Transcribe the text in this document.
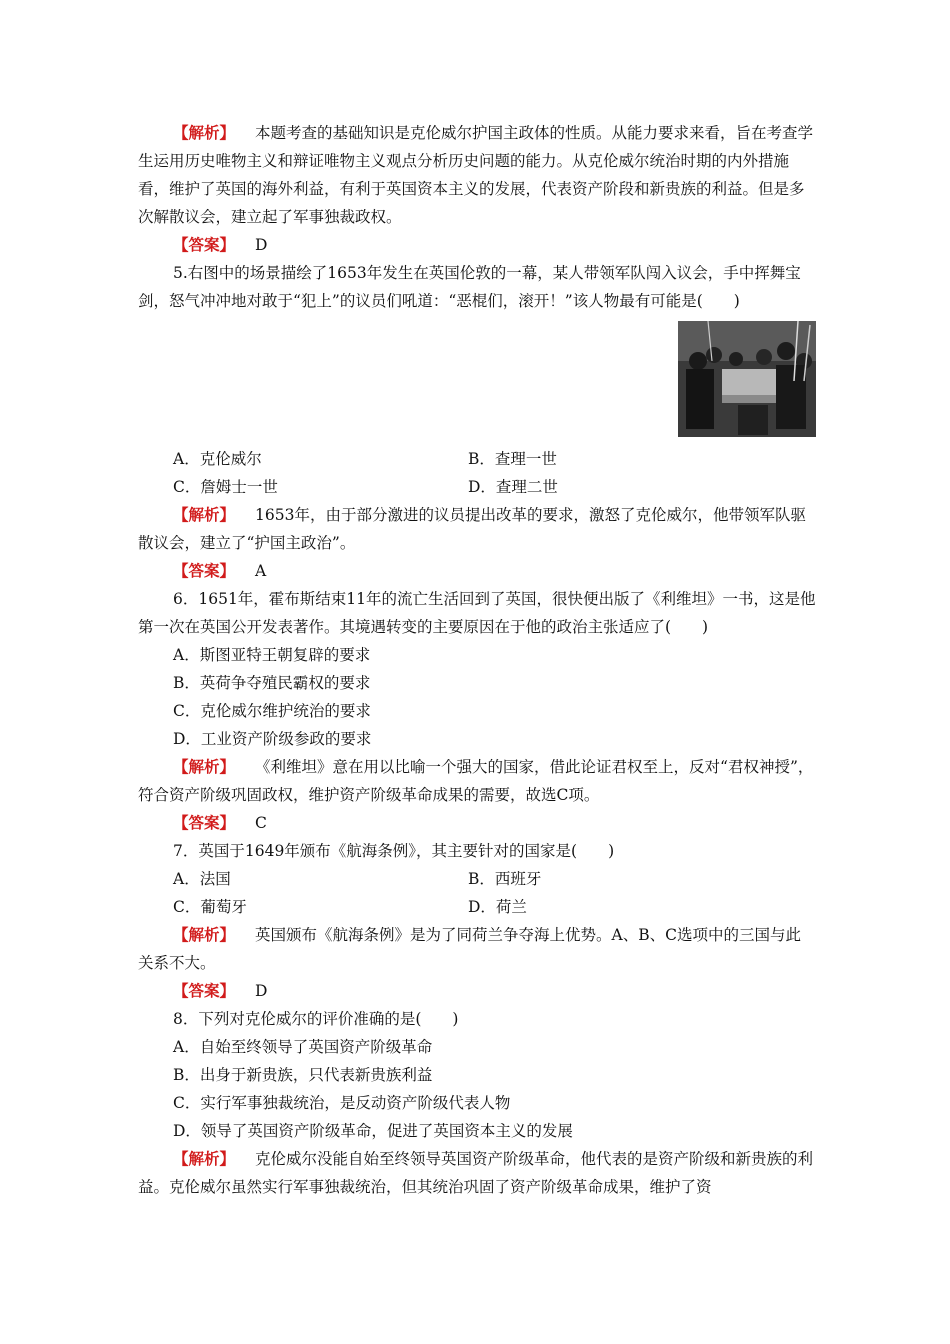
【解析】 本题考查的基础知识是克伦威尔护国主政体的性质。从能力要求来看，旨在考查学生运用历史唯物主义和辩证唯物主义观点分析历史问题的能力。从克伦威尔统治时期的内外措施看，维护了英国的海外利益，有利于英国资本主义的发展，代表资产阶段和新贵族的利益。但是多次解散议会，建立起了军事独裁政权。

【答案】 D

5.右图中的场景描绘了1653年发生在英国伦敦的一幕，某人带领军队闯入议会，手中挥舞宝剑，怒气冲冲地对敢于“犯上”的议员们吼道：“恶棍们，滚开！”该人物最有可能是(　　)

A．克伦威尔	B．查理一世
C．詹姆士一世	D．查理二世

【解析】 1653年，由于部分激进的议员提出改革的要求，激怒了克伦威尔，他带领军队驱散议会，建立了“护国主政治”。

【答案】 A

6．1651年，霍布斯结束11年的流亡生活回到了英国，很快便出版了《利维坦》一书，这是他第一次在英国公开发表著作。其境遇转变的主要原因在于他的政治主张适应了(　　)

A．斯图亚特王朝复辟的要求
B．英荷争夺殖民霸权的要求
C．克伦威尔维护统治的要求
D．工业资产阶级参政的要求

【解析】 《利维坦》意在用以比喻一个强大的国家，借此论证君权至上，反对“君权神授”，符合资产阶级巩固政权，维护资产阶级革命成果的需要，故选C项。

【答案】 C

7．英国于1649年颁布《航海条例》，其主要针对的国家是(　　)

A．法国	B．西班牙
C．葡萄牙	D．荷兰

【解析】 英国颁布《航海条例》是为了同荷兰争夺海上优势。A、B、C选项中的三国与此关系不大。

【答案】 D

8．下列对克伦威尔的评价准确的是(　　)

A．自始至终领导了英国资产阶级革命
B．出身于新贵族，只代表新贵族利益
C．实行军事独裁统治，是反动资产阶级代表人物
D．领导了英国资产阶级革命，促进了英国资本主义的发展

【解析】 克伦威尔没能自始至终领导英国资产阶级革命，他代表的是资产阶级和新贵族的利益。克伦威尔虽然实行军事独裁统治，但其统治巩固了资产阶级革命成果，维护了资
